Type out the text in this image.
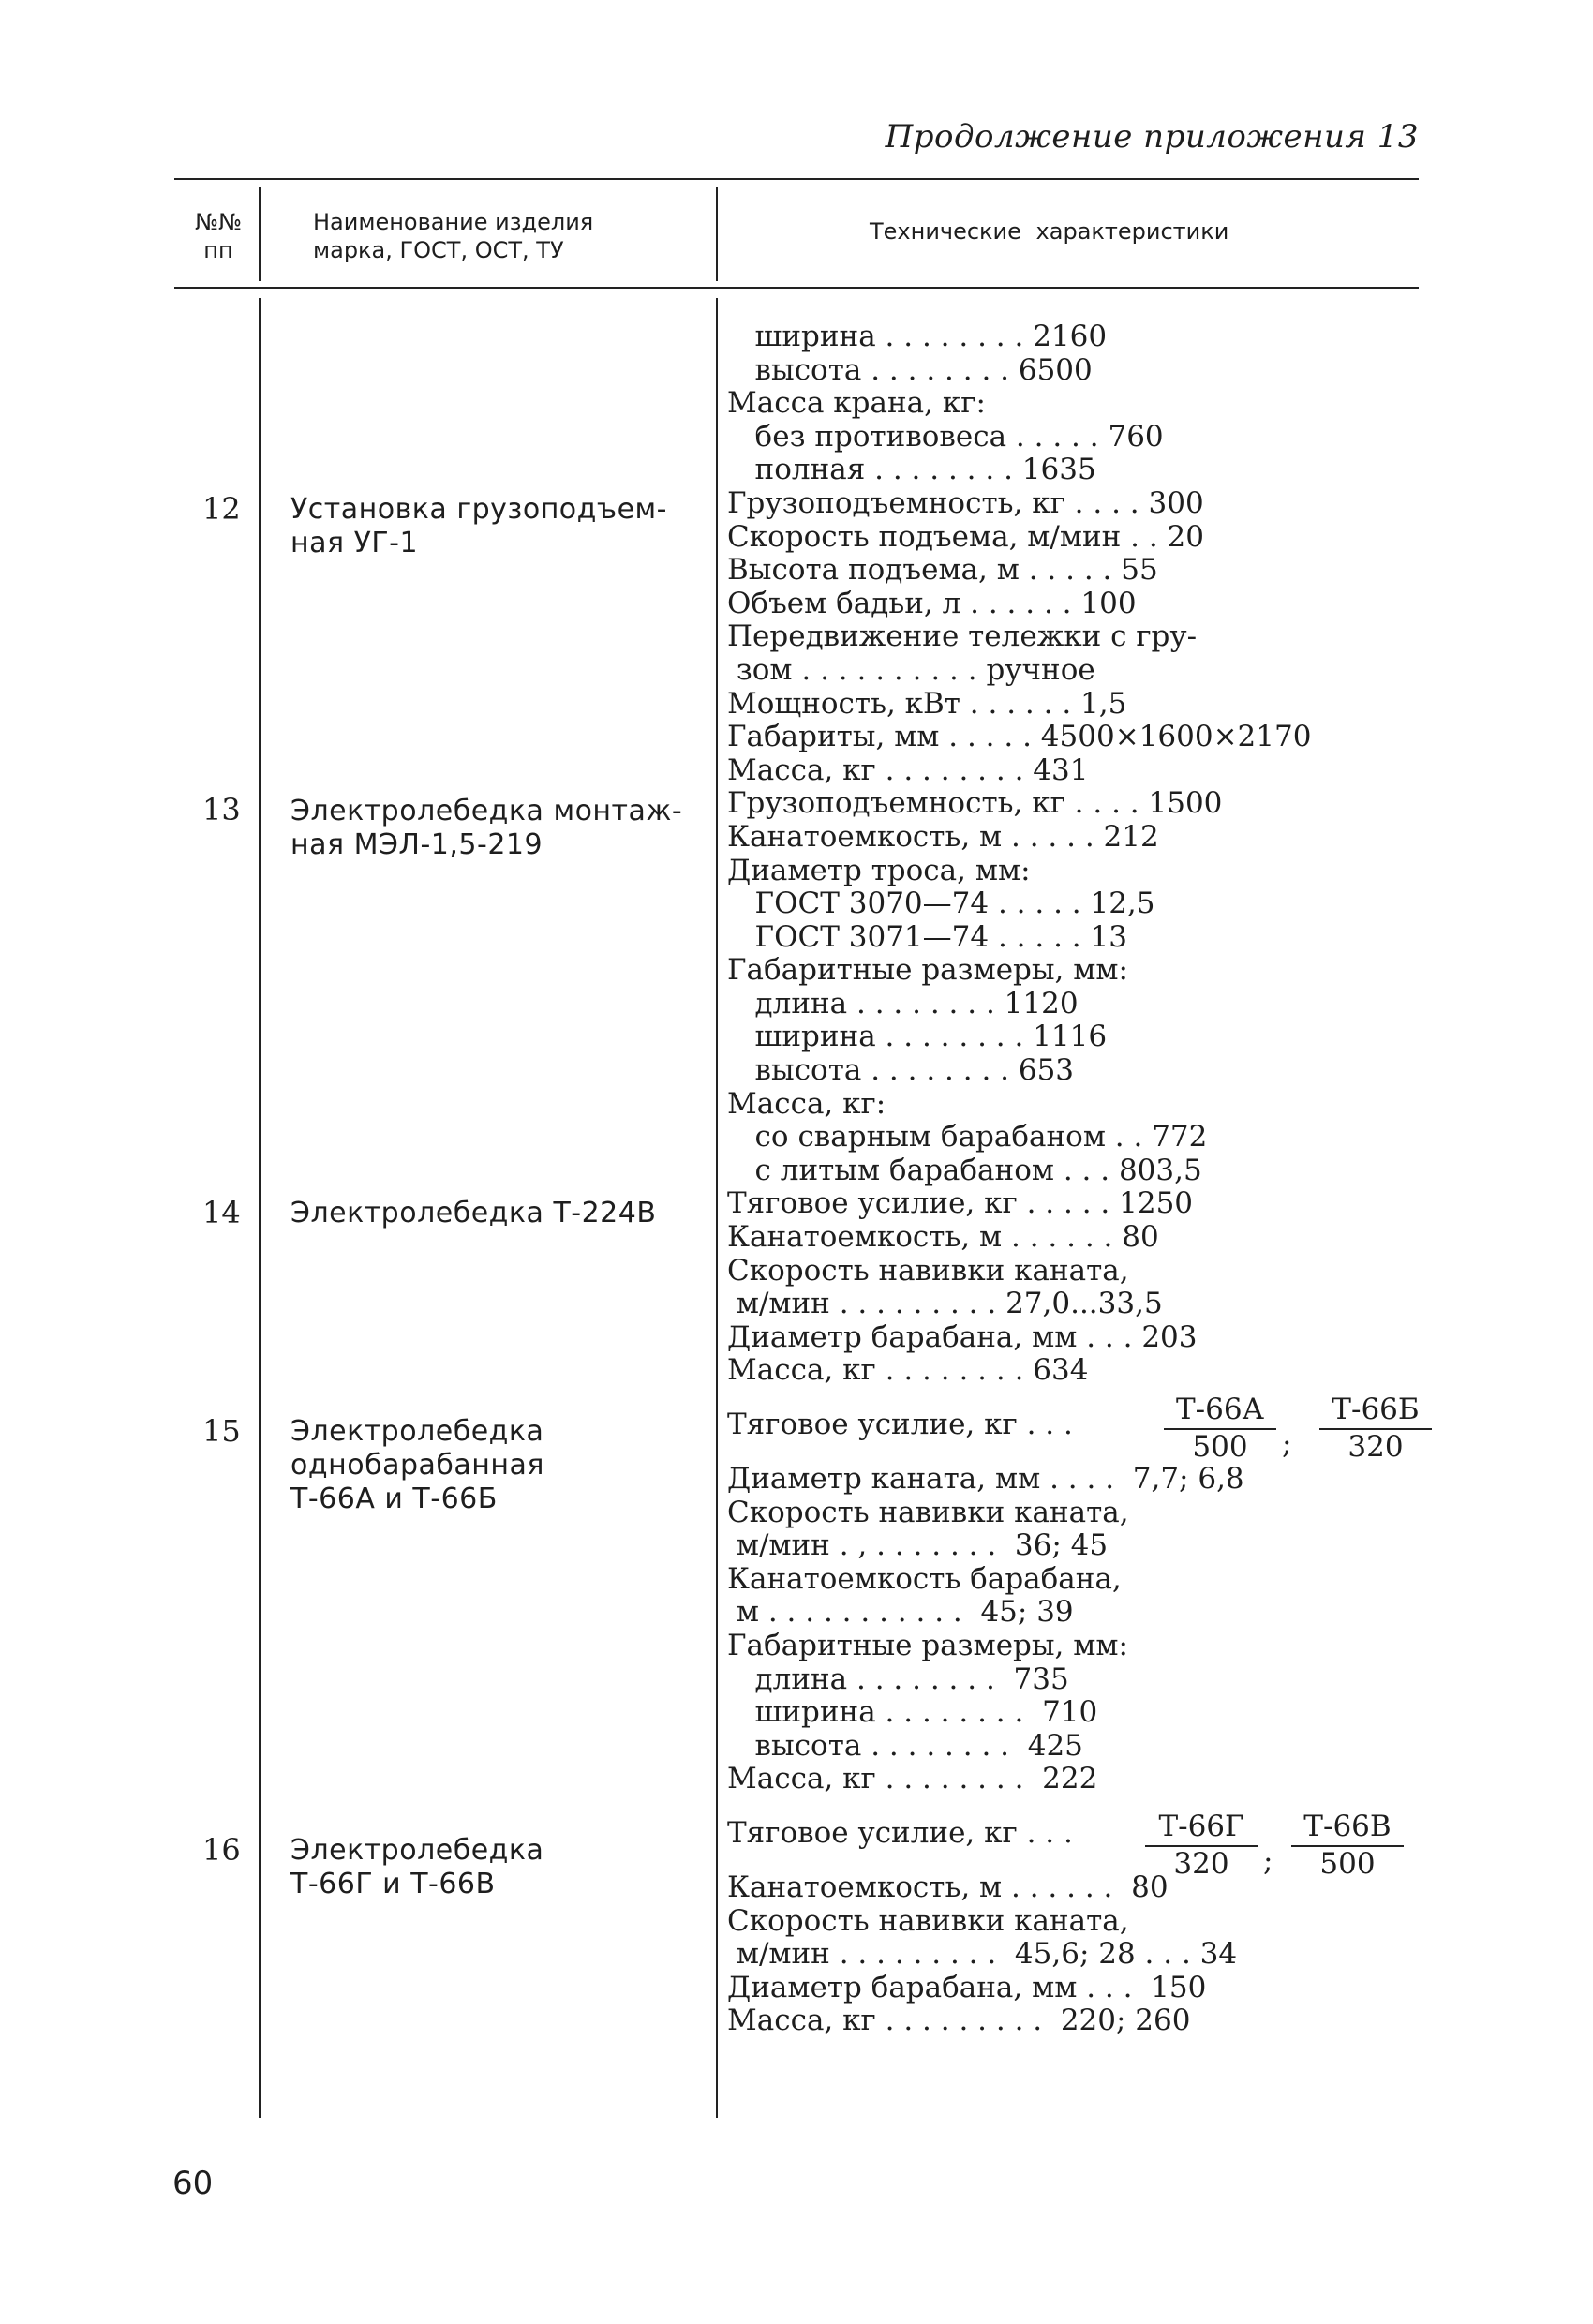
Продолжение приложения 13
№№
пп
Наименование изделия
марка, ГОСТ, ОСТ, ТУ
Технические характеристики
12
13
14
15
16
Установка грузоподъем-
ная УГ-1
Электролебедка монтаж-
ная МЭЛ-1,5-219
Электролебедка Т-224В
Электролебедка
однобарабанная
Т-66А и Т-66Б
Электролебедка
Т-66Г и Т-66В
ширина . . . . . . . . 2160
высота . . . . . . . . 6500
Масса крана, кг:
без противовеса . . . . . 760
полная . . . . . . . . 1635
Грузоподъемность, кг . . . . 300
Скорость подъема, м/мин . . 20
Высота подъема, м . . . . . 55
Объем бадьи, л . . . . . . 100
Передвижение тележки с гру-
зом . . . . . . . . . . ручное
Мощность, кВт . . . . . . 1,5
Габариты, мм . . . . . 4500×1600×2170
Масса, кг . . . . . . . . 431
Грузоподъемность, кг . . . . 1500
Канатоемкость, м . . . . . 212
Диаметр троса, мм:
ГОСТ 3070—74 . . . . . 12,5
ГОСТ 3071—74 . . . . . 13
Габаритные размеры, мм:
длина . . . . . . . . 1120
ширина . . . . . . . . 1116
высота . . . . . . . . 653
Масса, кг:
со сварным барабаном . . 772
с литым барабаном . . . 803,5
Тяговое усилие, кг . . . . . 1250
Канатоемкость, м . . . . . . 80
Скорость навивки каната,
м/мин . . . . . . . . . 27,0...33,5
Диаметр барабана, мм . . . 203
Масса, кг . . . . . . . . 634
Тяговое усилие, кг . . .
Диаметр каната, мм . . . .  7,7; 6,8
Скорость навивки каната,
м/мин . , . . . . . . .  36; 45
Канатоемкость барабана,
м . . . . . . . . . . .  45; 39
Габаритные размеры, мм:
длина . . . . . . . .  735
ширина . . . . . . . .  710
высота . . . . . . . .  425
Масса, кг . . . . . . . .  222
Тяговое усилие, кг . . .
Канатоемкость, м . . . . . .  80
Скорость навивки каната,
м/мин . . . . . . . . .  45,6; 28 . . . 34
Диаметр барабана, мм . . .  150
Масса, кг . . . . . . . . .  220; 260
Т-66А
500	;
Т-66Б
320
Т-66Г
320	;
Т-66В
500
60
